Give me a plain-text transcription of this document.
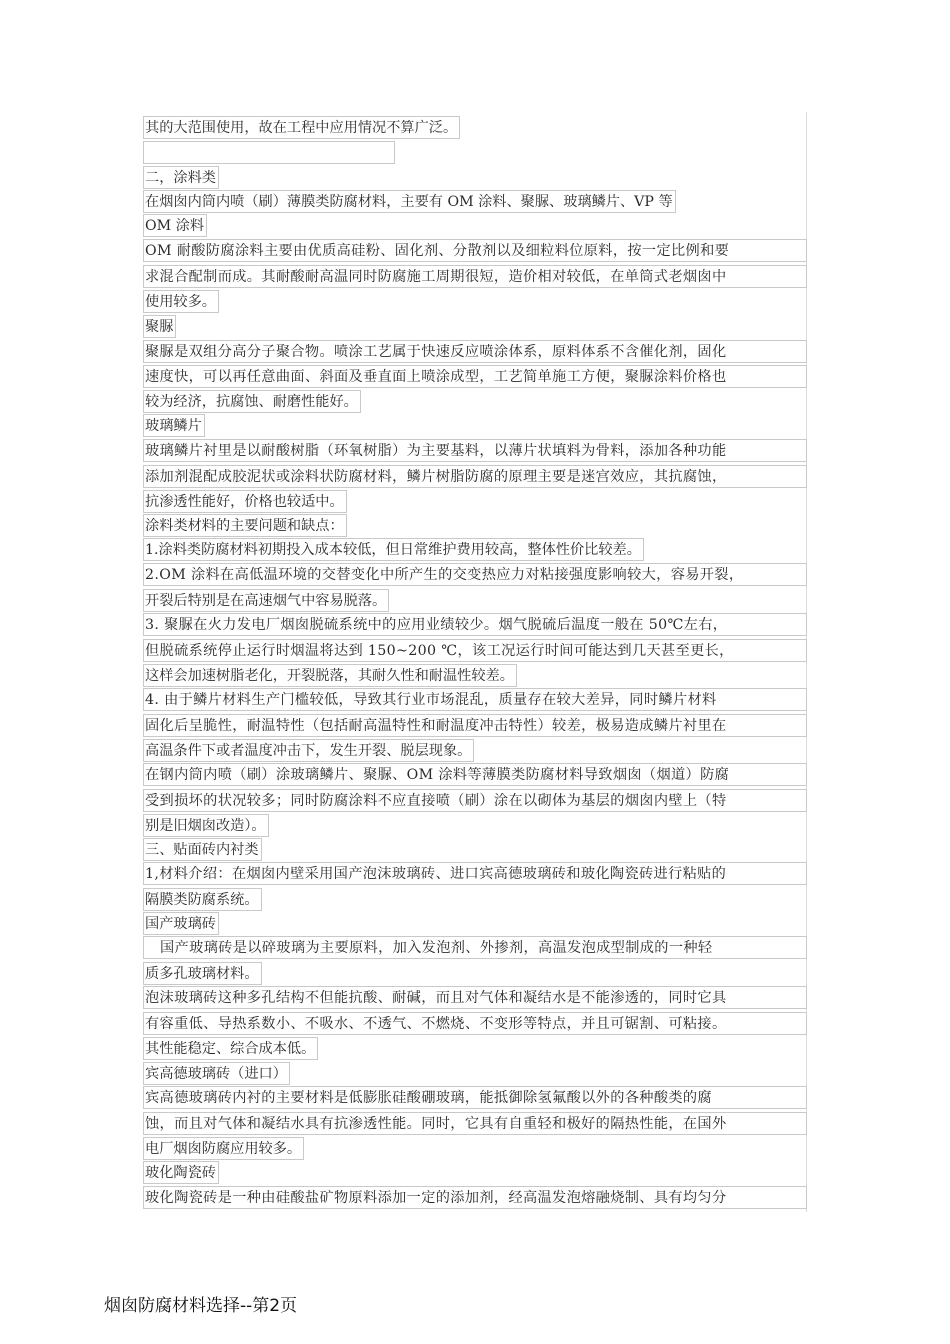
其的大范围使用，故在工程中应用情况不算广泛。
二，涂料类
在烟囱内筒内喷（刷）薄膜类防腐材料，主要有 OM 涂料、聚脲、玻璃鳞片、VP 等
OM 涂料
OM 耐酸防腐涂料主要由优质高硅粉、固化剂、分散剂以及细粒料位原料，按一定比例和要
求混合配制而成。其耐酸耐高温同时防腐施工周期很短，造价相对较低，在单筒式老烟囱中
使用较多。
聚脲
聚脲是双组分高分子聚合物。喷涂工艺属于快速反应喷涂体系，原料体系不含催化剂，固化
速度快，可以再任意曲面、斜面及垂直面上喷涂成型，工艺简单施工方便，聚脲涂料价格也
较为经济，抗腐蚀、耐磨性能好。
玻璃鳞片
玻璃鳞片衬里是以耐酸树脂（环氧树脂）为主要基料，以薄片状填料为骨料，添加各种功能
添加剂混配成胶泥状或涂料状防腐材料，鳞片树脂防腐的原理主要是迷宫效应，其抗腐蚀，
抗渗透性能好，价格也较适中。
涂料类材料的主要问题和缺点：
1.涂料类防腐材料初期投入成本较低，但日常维护费用较高，整体性价比较差。
2.OM 涂料在高低温环境的交替变化中所产生的交变热应力对粘接强度影响较大，容易开裂，
开裂后特别是在高速烟气中容易脱落。
3. 聚脲在火力发电厂烟囱脱硫系统中的应用业绩较少。烟气脱硫后温度一般在 50℃左右，
但脱硫系统停止运行时烟温将达到 150~200 ℃，该工况运行时间可能达到几天甚至更长，
这样会加速树脂老化，开裂脱落，其耐久性和耐温性较差。
4. 由于鳞片材料生产门槛较低，导致其行业市场混乱，质量存在较大差异，同时鳞片材料
固化后呈脆性，耐温特性（包括耐高温特性和耐温度冲击特性）较差，极易造成鳞片衬里在
高温条件下或者温度冲击下，发生开裂、脱层现象。
在钢内筒内喷（刷）涂玻璃鳞片、聚脲、OM 涂料等薄膜类防腐材料导致烟囱（烟道）防腐
受到损坏的状况较多；同时防腐涂料不应直接喷（刷）涂在以砌体为基层的烟囱内壁上（特
别是旧烟囱改造）。
三、贴面砖内衬类
1,材料介绍：在烟囱内壁采用国产泡沫玻璃砖、进口宾高德玻璃砖和玻化陶瓷砖进行粘贴的
隔膜类防腐系统。
国产玻璃砖
国产玻璃砖是以碎玻璃为主要原料，加入发泡剂、外掺剂，高温发泡成型制成的一种轻
质多孔玻璃材料。
泡沫玻璃砖这种多孔结构不但能抗酸、耐碱，而且对气体和凝结水是不能渗透的，同时它具
有容重低、导热系数小、不吸水、不透气、不燃烧、不变形等特点，并且可锯割、可粘接。
其性能稳定、综合成本低。
宾高德玻璃砖（进口）
宾高德玻璃砖内衬的主要材料是低膨胀硅酸硼玻璃，能抵御除氢氟酸以外的各种酸类的腐
蚀，而且对气体和凝结水具有抗渗透性能。同时，它具有自重轻和极好的隔热性能，在国外
电厂烟囱防腐应用较多。
玻化陶瓷砖
玻化陶瓷砖是一种由硅酸盐矿物原料添加一定的添加剂，经高温发泡熔融烧制、具有均匀分
烟囱防腐材料选择--第2页
